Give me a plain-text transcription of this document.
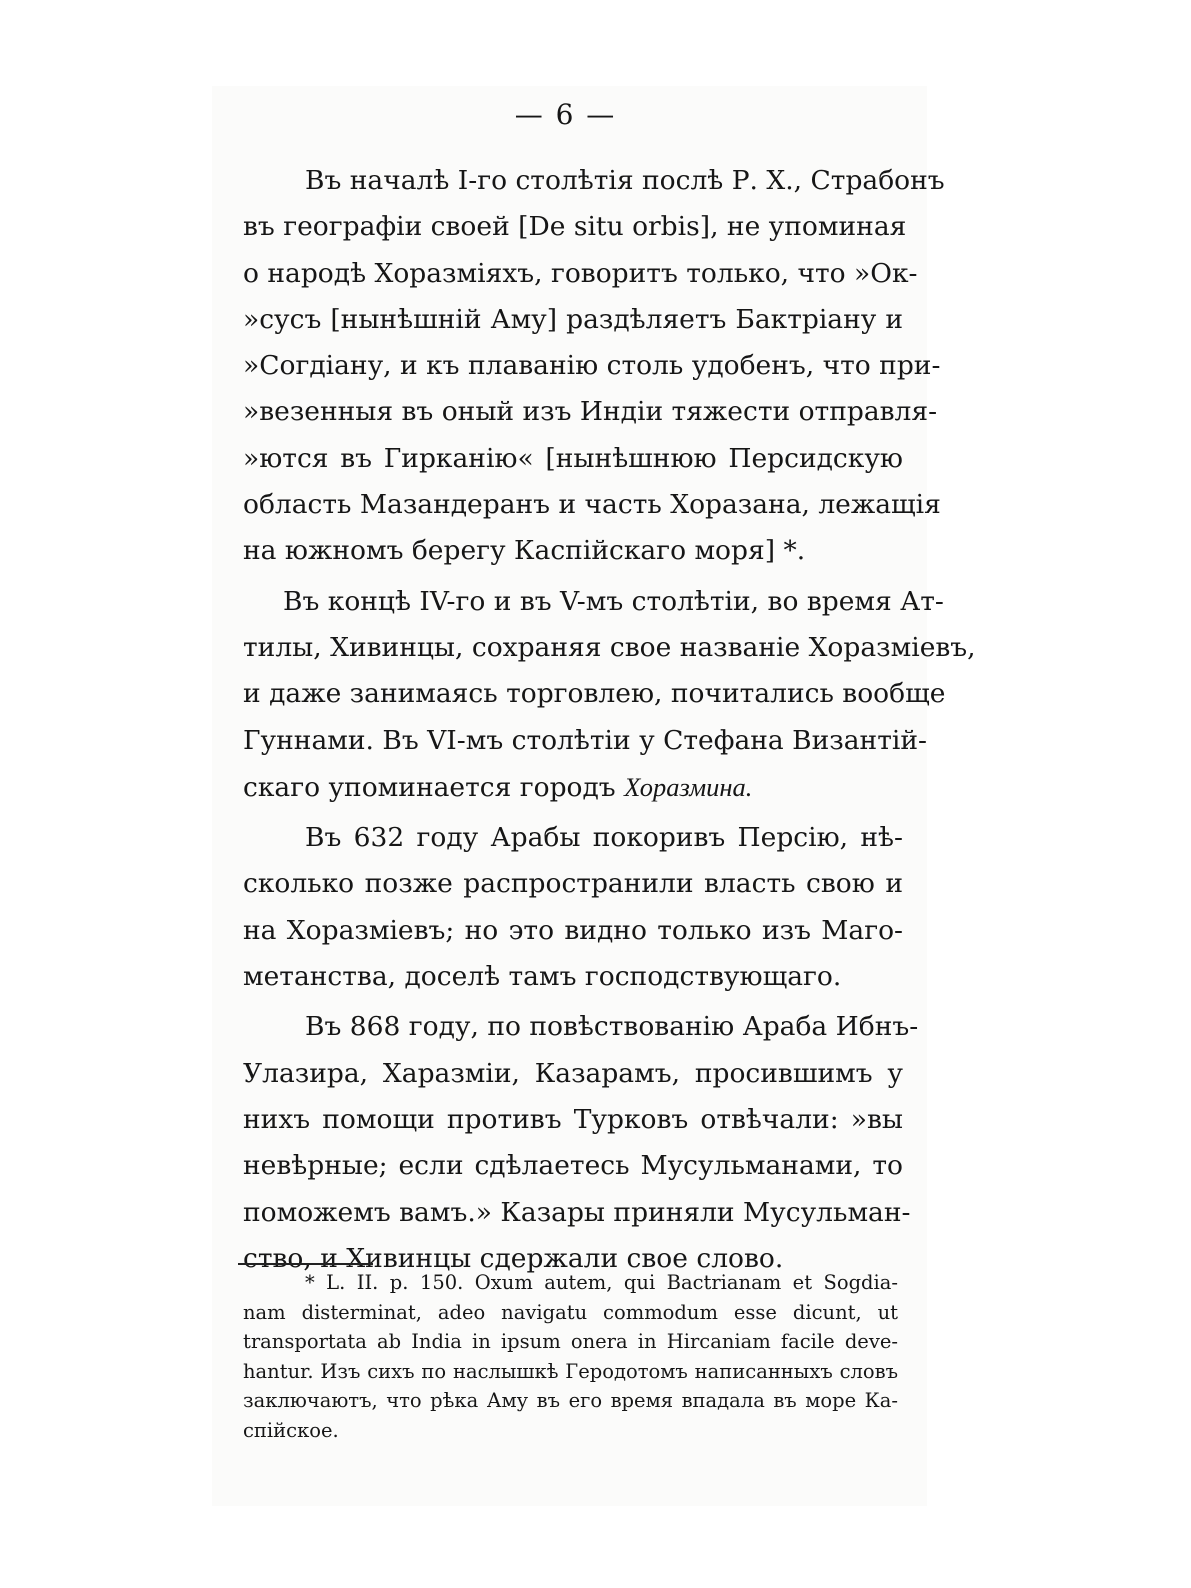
— 6 —

Въ началѣ I-го столѣтія послѣ Р. Х., Страбонъ
въ географіи своей [De situ orbis], не упоминая
о народѣ Хоразміяхъ, говоритъ только, что »Ок-
»сусъ [нынѣшній Аму] раздѣляетъ Бактріану и
»Согдіану, и къ плаванію столь удобенъ, что при-
»везенныя въ оный изъ Индіи тяжести отправля-
»ются въ Гирканію« [нынѣшнюю Персидскую
область Мазандеранъ и часть Хоразана, лежащія
на южномъ берегу Каспійскаго моря] *.

Въ концѣ IV-го и въ V-мъ столѣтіи, во время Ат-
тилы, Хивинцы, сохраняя свое названіе Хоразміевъ,
и даже занимаясь торговлею, почитались вообще
Гуннами. Въ VI-мъ столѣтіи у Стефана Византій-
скаго упоминается городъ Хоразмина.

Въ 632 году Арабы покоривъ Персію, нѣ-
сколько позже распространили власть свою и
на Хоразміевъ; но это видно только изъ Маго-
метанства, доселѣ тамъ господствующаго.

Въ 868 году, по повѣствованію Араба Ибнъ-
Улазира, Харазміи, Казарамъ, просившимъ у
нихъ помощи противъ Турковъ отвѣчали: »вы
невѣрные; если сдѣлаетесь Мусульманами, то
поможемъ вамъ.» Казары приняли Мусульман-
ство, и Хивинцы сдержали свое слово.

* L. II. p. 150. Oxum autem, qui Bactrianam et Sogdia-
nam disterminat, adeo navigatu commodum esse dicunt, ut
transportata ab India in ipsum onera in Hircaniam facile deve-
hantur. Изъ сихъ по наслышкѣ Геродотомъ написанныхъ словъ
заключаютъ, что рѣка Аму въ его время впадала въ море Ка-
спійское.
